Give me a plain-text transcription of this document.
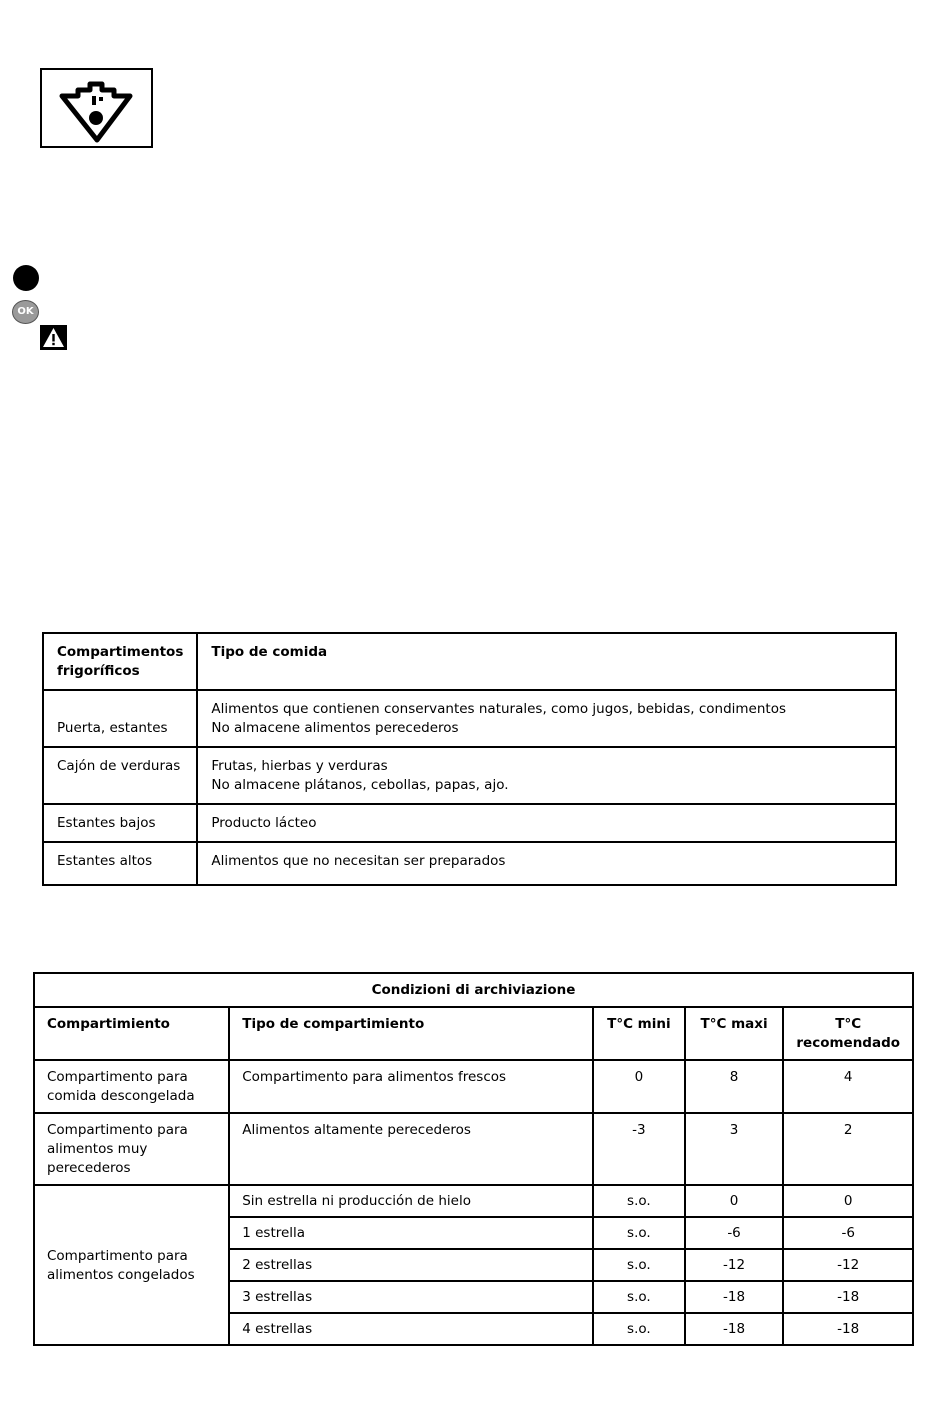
OK
Compartimentos frigoríficos	Tipo de comida
Puerta, estantes	Alimentos que contienen conservantes naturales, como jugos, bebidas, condimentos
No almacene alimentos perecederos

Cajón de verduras	Frutas, hierbas y verduras
No almacene plátanos, cebollas, papas, ajo.

Estantes bajos	Producto lácteo

Estantes altos	Alimentos que no necesitan ser preparados
Condizioni di archiviazione				
Compartimiento	Tipo de compartimiento	T°C mini	T°C maxi	T°C recomendado
Compartimento para comida descongelada	Compartimento para alimentos frescos	0	8	4
Compartimento para alimentos muy perecederos	Alimentos altamente perecederos	-3	3	2
Compartimento para alimentos congelados	Sin estrella ni producción de hielo	s.o.	0	0
	1 estrella	s.o.	-6	-6
	2 estrellas	s.o.	-12	-12
	3 estrellas	s.o.	-18	-18
	4 estrellas	s.o.	-18	-18
